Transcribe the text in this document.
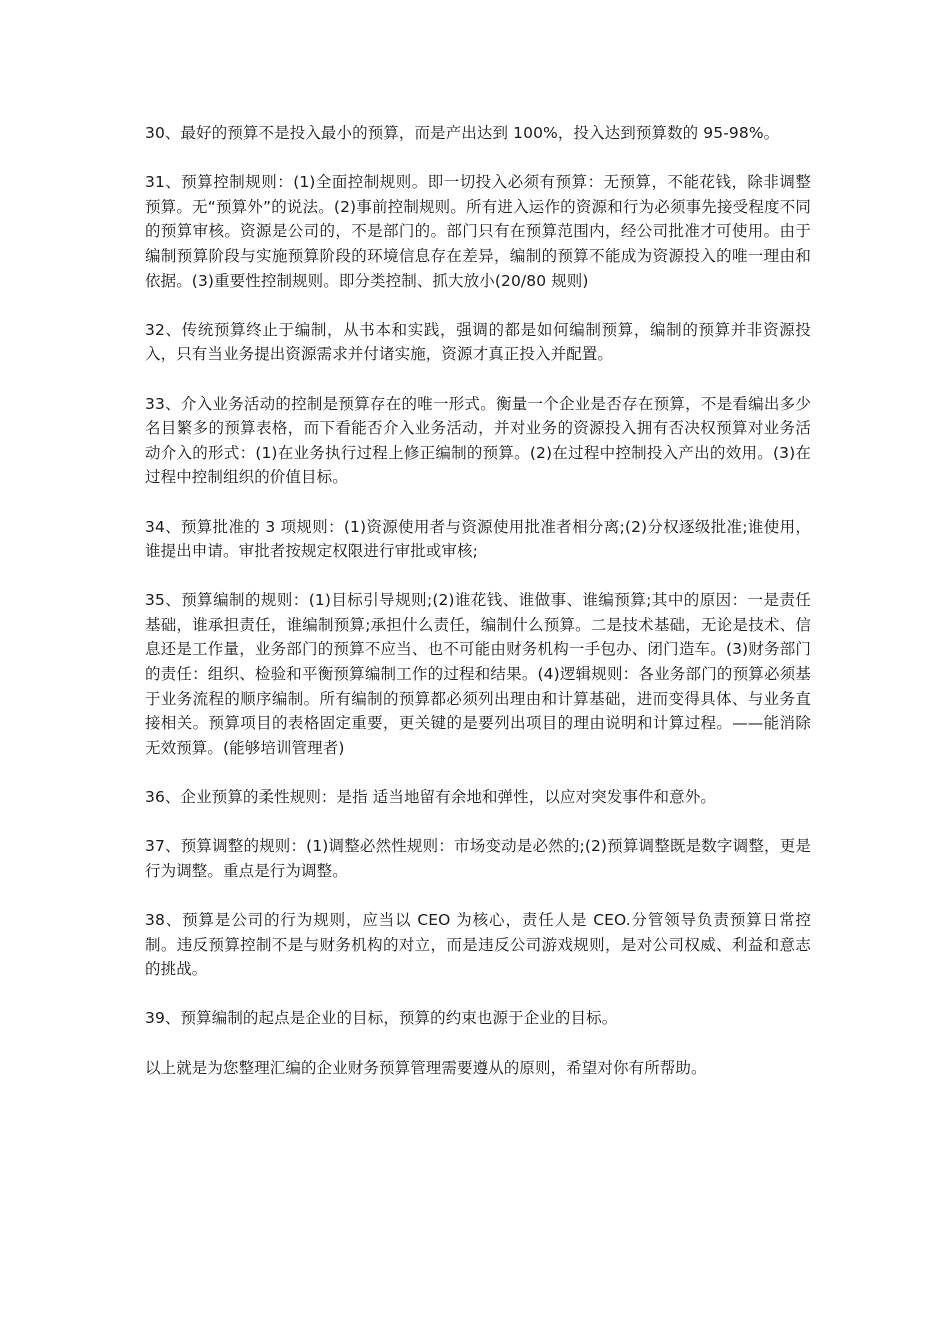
30、最好的预算不是投入最小的预算，而是产出达到 100%，投入达到预算数的 95-98%。

31、预算控制规则：(1)全面控制规则。即一切投入必须有预算：无预算，不能花钱，除非调整预算。无“预算外”的说法。(2)事前控制规则。所有进入运作的资源和行为必须事先接受程度不同的预算审核。资源是公司的，不是部门的。部门只有在预算范围内，经公司批准才可使用。由于编制预算阶段与实施预算阶段的环境信息存在差异，编制的预算不能成为资源投入的唯一理由和依据。(3)重要性控制规则。即分类控制、抓大放小(20/80 规则)

32、传统预算终止于编制，从书本和实践，强调的都是如何编制预算，编制的预算并非资源投入，只有当业务提出资源需求并付诸实施，资源才真正投入并配置。

33、介入业务活动的控制是预算存在的唯一形式。衡量一个企业是否存在预算，不是看编出多少名目繁多的预算表格，而下看能否介入业务活动，并对业务的资源投入拥有否决权预算对业务活动介入的形式：(1)在业务执行过程上修正编制的预算。(2)在过程中控制投入产出的效用。(3)在过程中控制组织的价值目标。

34、预算批准的 3 项规则：(1)资源使用者与资源使用批准者相分离;(2)分权逐级批准;谁使用，谁提出申请。审批者按规定权限进行审批或审核;

35、预算编制的规则：(1)目标引导规则;(2)谁花钱、谁做事、谁编预算;其中的原因：一是责任基础，谁承担责任，谁编制预算;承担什么责任，编制什么预算。二是技术基础，无论是技术、信息还是工作量，业务部门的预算不应当、也不可能由财务机构一手包办、闭门造车。(3)财务部门的责任：组织、检验和平衡预算编制工作的过程和结果。(4)逻辑规则：各业务部门的预算必须基于业务流程的顺序编制。所有编制的预算都必须列出理由和计算基础，进而变得具体、与业务直接相关。预算项目的表格固定重要，更关键的是要列出项目的理由说明和计算过程。——能消除无效预算。(能够培训管理者)

36、企业预算的柔性规则：是指 适当地留有余地和弹性，以应对突发事件和意外。

37、预算调整的规则：(1)调整必然性规则：市场变动是必然的;(2)预算调整既是数字调整，更是行为调整。重点是行为调整。

38、预算是公司的行为规则，应当以 CEO 为核心，责任人是 CEO.分管领导负责预算日常控制。违反预算控制不是与财务机构的对立，而是违反公司游戏规则，是对公司权威、利益和意志的挑战。

39、预算编制的起点是企业的目标，预算的约束也源于企业的目标。

以上就是为您整理汇编的企业财务预算管理需要遵从的原则，希望对你有所帮助。
